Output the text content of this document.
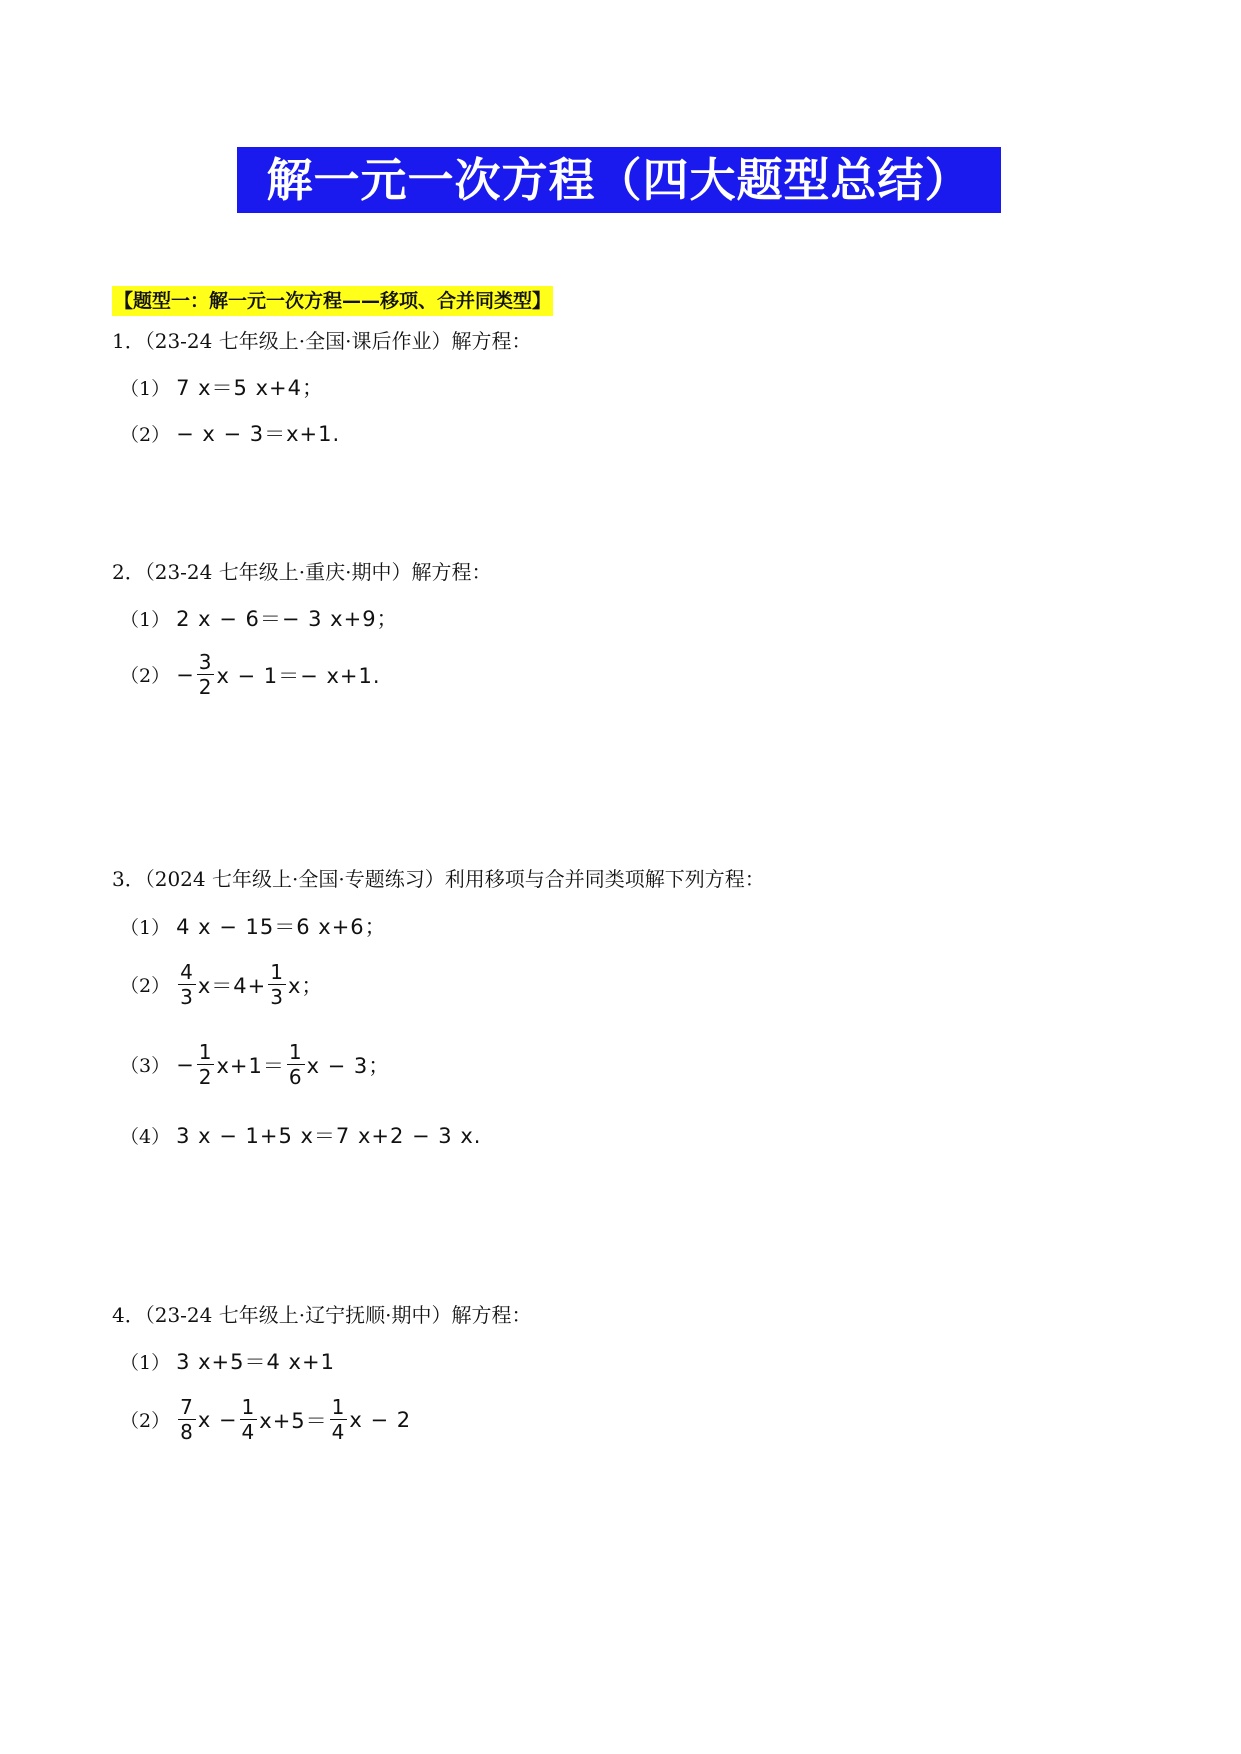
解一元一次方程（四大题型总结）
【题型一：解一元一次方程——移项、合并同类型】
1．（23-24 七年级上·全国·课后作业）解方程：
（1） 7 x＝5 x+4；
（2） − x − 3＝x+1.
2．（23-24 七年级上·重庆·期中）解方程：
（1） 2 x − 6＝− 3 x+9；
$(2) - \frac{3}{2}$ x − 1＝− x+1.
3．（2024 七年级上·全国·专题练习）利用移项与合并同类项解下列方程：
（1） 4 x − 15＝6 x+6；
$(2) \frac{4}{3} x=4+ \frac{1}{3}$ x；
$(3) - \frac{1}{2} x+1= \frac{1}{6}$ x − 3；
（4） 3 x − 1+5 x＝7 x+2 − 3 x.
4．（23-24 七年级上·辽宁抚顺·期中）解方程：
（1） 3 x+5＝4 x+1
$(2) \frac{7}{8}$ $x - \frac{1}{4} x+5= \frac{1}{4}$ x − 2
